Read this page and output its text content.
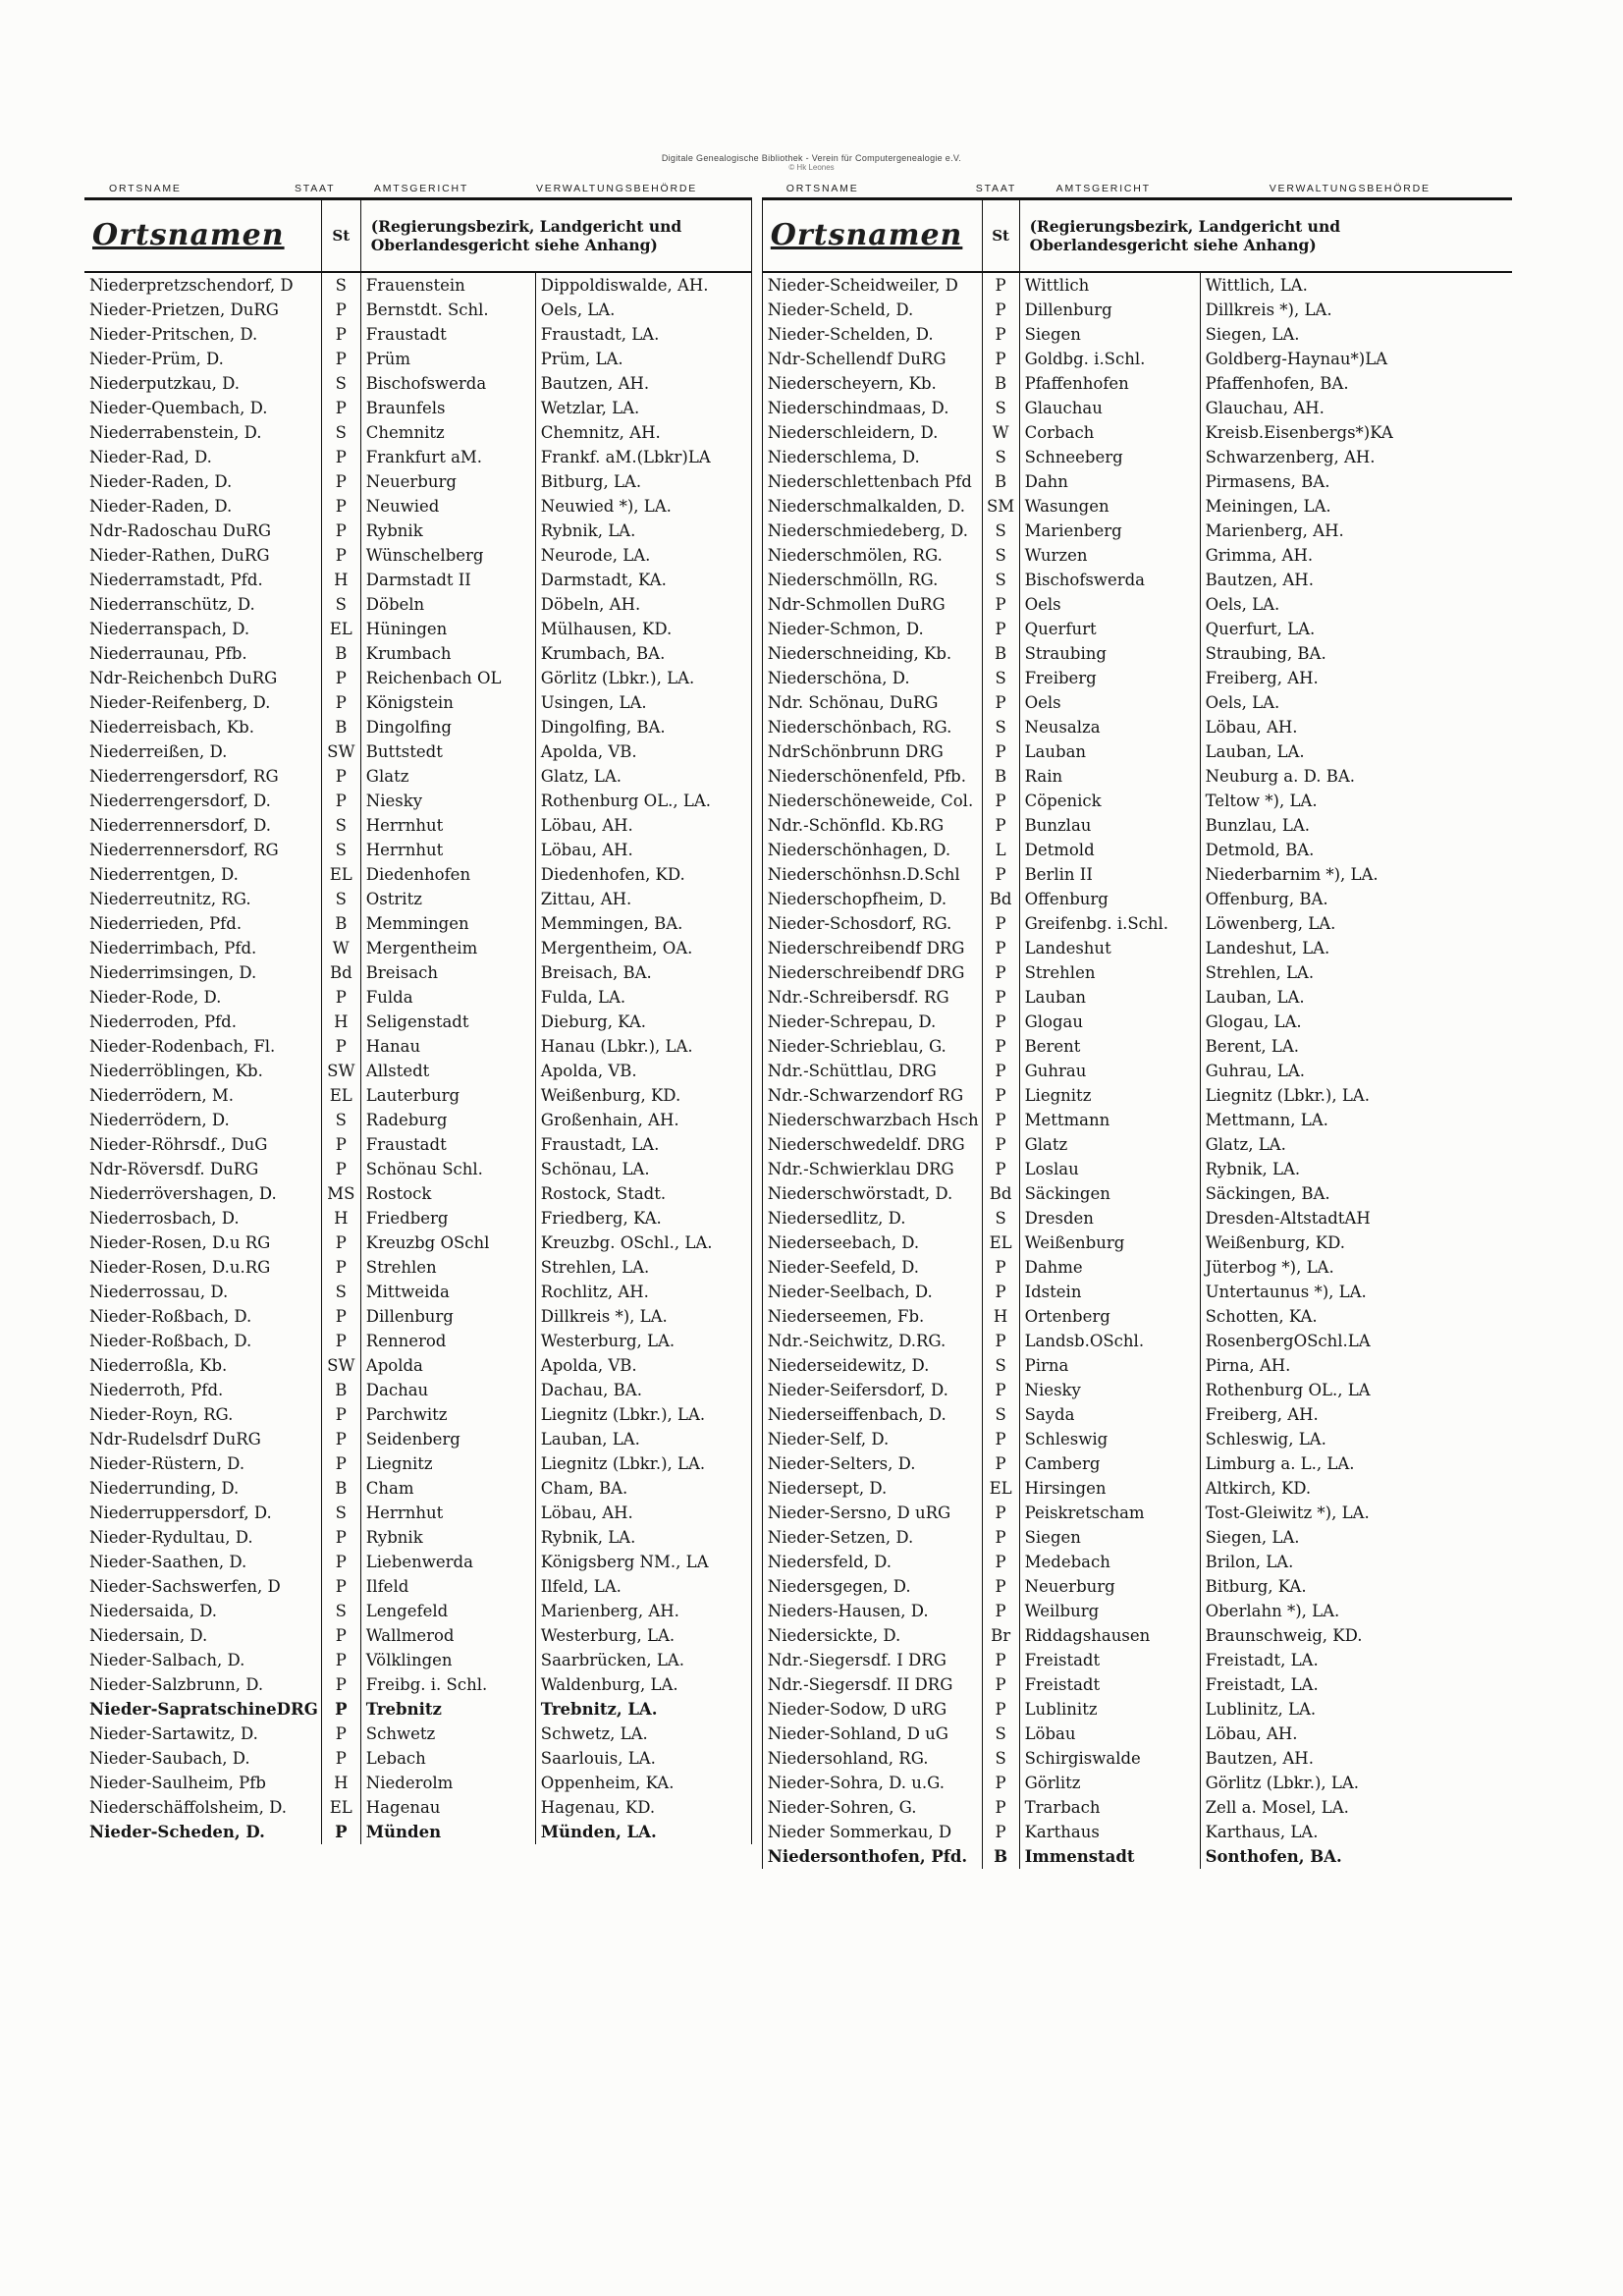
Digitale Genealogische Bibliothek - Verein für Computergenealogie e.V.
© Hk Leones
ORTSNAME	STAAT	AMTSGERICHT	VERWALTUNGSBEHÖRDE
Ortsnamen	St	(Regierungsbezirk, Landgericht und
Oberlandesgericht siehe Anhang)	
Niederpretzschendorf, D	S	Frauenstein	Dippoldiswalde, AH.
Nieder-Prietzen, DuRG	P	Bernstdt. Schl.	Oels, LA.
Nieder-Pritschen, D.	P	Fraustadt	Fraustadt, LA.
Nieder-Prüm, D.	P	Prüm	Prüm, LA.
Niederputzkau, D.	S	Bischofswerda	Bautzen, AH.
Nieder-Quembach, D.	P	Braunfels	Wetzlar, LA.
Niederrabenstein, D.	S	Chemnitz	Chemnitz, AH.
Nieder-Rad, D.	P	Frankfurt aM.	Frankf. aM.(Lbkr)LA
Nieder-Raden, D.	P	Neuerburg	Bitburg, LA.
Nieder-Raden, D.	P	Neuwied	Neuwied *), LA.
Ndr-Radoschau DuRG	P	Rybnik	Rybnik, LA.
Nieder-Rathen, DuRG	P	Wünschelberg	Neurode, LA.
Niederramstadt, Pfd.	H	Darmstadt II	Darmstadt, KA.
Niederranschütz, D.	S	Döbeln	Döbeln, AH.
Niederranspach, D.	EL	Hüningen	Mülhausen, KD.
Niederraunau, Pfb.	B	Krumbach	Krumbach, BA.
Ndr-Reichenbch DuRG	P	Reichenbach OL	Görlitz (Lbkr.), LA.
Nieder-Reifenberg, D.	P	Königstein	Usingen, LA.
Niederreisbach, Kb.	B	Dingolfing	Dingolfing, BA.
Niederreißen, D.	SW	Buttstedt	Apolda, VB.
Niederrengersdorf, RG	P	Glatz	Glatz, LA.
Niederrengersdorf, D.	P	Niesky	Rothenburg OL., LA.
Niederrennersdorf, D.	S	Herrnhut	Löbau, AH.
Niederrennersdorf, RG	S	Herrnhut	Löbau, AH.
Niederrentgen, D.	EL	Diedenhofen	Diedenhofen, KD.
Niederreutnitz, RG.	S	Ostritz	Zittau, AH.
Niederrieden, Pfd.	B	Memmingen	Memmingen, BA.
Niederrimbach, Pfd.	W	Mergentheim	Mergentheim, OA.
Niederrimsingen, D.	Bd	Breisach	Breisach, BA.
Nieder-Rode, D.	P	Fulda	Fulda, LA.
Niederroden, Pfd.	H	Seligenstadt	Dieburg, KA.
Nieder-Rodenbach, Fl.	P	Hanau	Hanau (Lbkr.), LA.
Niederröblingen, Kb.	SW	Allstedt	Apolda, VB.
Niederrödern, M.	EL	Lauterburg	Weißenburg, KD.
Niederrödern, D.	S	Radeburg	Großenhain, AH.
Nieder-Röhrsdf., DuG	P	Fraustadt	Fraustadt, LA.
Ndr-Röversdf. DuRG	P	Schönau Schl.	Schönau, LA.
Niederrövershagen, D.	MS	Rostock	Rostock, Stadt.
Niederrosbach, D.	H	Friedberg	Friedberg, KA.
Nieder-Rosen, D.u RG	P	Kreuzbg OSchl	Kreuzbg. OSchl., LA.
Nieder-Rosen, D.u.RG	P	Strehlen	Strehlen, LA.
Niederrossau, D.	S	Mittweida	Rochlitz, AH.
Nieder-Roßbach, D.	P	Dillenburg	Dillkreis *), LA.
Nieder-Roßbach, D.	P	Rennerod	Westerburg, LA.
Niederroßla, Kb.	SW	Apolda	Apolda, VB.
Niederroth, Pfd.	B	Dachau	Dachau, BA.
Nieder-Royn, RG.	P	Parchwitz	Liegnitz (Lbkr.), LA.
Ndr-Rudelsdrf DuRG	P	Seidenberg	Lauban, LA.
Nieder-Rüstern, D.	P	Liegnitz	Liegnitz (Lbkr.), LA.
Niederrunding, D.	B	Cham	Cham, BA.
Niederruppersdorf, D.	S	Herrnhut	Löbau, AH.
Nieder-Rydultau, D.	P	Rybnik	Rybnik, LA.
Nieder-Saathen, D.	P	Liebenwerda	Königsberg NM., LA
Nieder-Sachswerfen, D	P	Ilfeld	Ilfeld, LA.
Niedersaida, D.	S	Lengefeld	Marienberg, AH.
Niedersain, D.	P	Wallmerod	Westerburg, LA.
Nieder-Salbach, D.	P	Völklingen	Saarbrücken, LA.
Nieder-Salzbrunn, D.	P	Freibg. i. Schl.	Waldenburg, LA.
Nieder-SapratschineDRG	P	Trebnitz	Trebnitz, LA.
Nieder-Sartawitz, D.	P	Schwetz	Schwetz, LA.
Nieder-Saubach, D.	P	Lebach	Saarlouis, LA.
Nieder-Saulheim, Pfb	H	Niederolm	Oppenheim, KA.
Niederschäffolsheim, D.	EL	Hagenau	Hagenau, KD.
Nieder-Scheden, D.	P	Münden	Münden, LA.
ORTSNAME	STAAT	AMTSGERICHT	VERWALTUNGSBEHÖRDE
Ortsnamen	St	(Regierungsbezirk, Landgericht und
Oberlandesgericht siehe Anhang)	
Nieder-Scheidweiler, D	P	Wittlich	Wittlich, LA.
Nieder-Scheld, D.	P	Dillenburg	Dillkreis *), LA.
Nieder-Schelden, D.	P	Siegen	Siegen, LA.
Ndr-Schellendf DuRG	P	Goldbg. i.Schl.	Goldberg-Haynau*)LA
Niederscheyern, Kb.	B	Pfaffenhofen	Pfaffenhofen, BA.
Niederschindmaas, D.	S	Glauchau	Glauchau, AH.
Niederschleidern, D.	W	Corbach	Kreisb.Eisenbergs*)KA
Niederschlema, D.	S	Schneeberg	Schwarzenberg, AH.
Niederschlettenbach Pfd	B	Dahn	Pirmasens, BA.
Niederschmalkalden, D.	SM	Wasungen	Meiningen, LA.
Niederschmiedeberg, D.	S	Marienberg	Marienberg, AH.
Niederschmölen, RG.	S	Wurzen	Grimma, AH.
Niederschmölln, RG.	S	Bischofswerda	Bautzen, AH.
Ndr-Schmollen DuRG	P	Oels	Oels, LA.
Nieder-Schmon, D.	P	Querfurt	Querfurt, LA.
Niederschneiding, Kb.	B	Straubing	Straubing, BA.
Niederschöna, D.	S	Freiberg	Freiberg, AH.
Ndr. Schönau, DuRG	P	Oels	Oels, LA.
Niederschönbach, RG.	S	Neusalza	Löbau, AH.
NdrSchönbrunn DRG	P	Lauban	Lauban, LA.
Niederschönenfeld, Pfb.	B	Rain	Neuburg a. D. BA.
Niederschöneweide, Col.	P	Cöpenick	Teltow *), LA.
Ndr.-Schönfld. Kb.RG	P	Bunzlau	Bunzlau, LA.
Niederschönhagen, D.	L	Detmold	Detmold, BA.
Niederschönhsn.D.Schl	P	Berlin II	Niederbarnim *), LA.
Niederschopfheim, D.	Bd	Offenburg	Offenburg, BA.
Nieder-Schosdorf, RG.	P	Greifenbg. i.Schl.	Löwenberg, LA.
Niederschreibendf DRG	P	Landeshut	Landeshut, LA.
Niederschreibendf DRG	P	Strehlen	Strehlen, LA.
Ndr.-Schreibersdf. RG	P	Lauban	Lauban, LA.
Nieder-Schrepau, D.	P	Glogau	Glogau, LA.
Nieder-Schrieblau, G.	P	Berent	Berent, LA.
Ndr.-Schüttlau, DRG	P	Guhrau	Guhrau, LA.
Ndr.-Schwarzendorf RG	P	Liegnitz	Liegnitz (Lbkr.), LA.
Niederschwarzbach Hsch	P	Mettmann	Mettmann, LA.
Niederschwedeldf. DRG	P	Glatz	Glatz, LA.
Ndr.-Schwierklau DRG	P	Loslau	Rybnik, LA.
Niederschwörstadt, D.	Bd	Säckingen	Säckingen, BA.
Niedersedlitz, D.	S	Dresden	Dresden-AltstadtAH
Niederseebach, D.	EL	Weißenburg	Weißenburg, KD.
Nieder-Seefeld, D.	P	Dahme	Jüterbog *), LA.
Nieder-Seelbach, D.	P	Idstein	Untertaunus *), LA.
Niederseemen, Fb.	H	Ortenberg	Schotten, KA.
Ndr.-Seichwitz, D.RG.	P	Landsb.OSchl.	RosenbergOSchl.LA
Niederseidewitz, D.	S	Pirna	Pirna, AH.
Nieder-Seifersdorf, D.	P	Niesky	Rothenburg OL., LA
Niederseiffenbach, D.	S	Sayda	Freiberg, AH.
Nieder-Self, D.	P	Schleswig	Schleswig, LA.
Nieder-Selters, D.	P	Camberg	Limburg a. L., LA.
Niedersept, D.	EL	Hirsingen	Altkirch, KD.
Nieder-Sersno, D uRG	P	Peiskretscham	Tost-Gleiwitz *), LA.
Nieder-Setzen, D.	P	Siegen	Siegen, LA.
Niedersfeld, D.	P	Medebach	Brilon, LA.
Niedersgegen, D.	P	Neuerburg	Bitburg, KA.
Nieders-Hausen, D.	P	Weilburg	Oberlahn *), LA.
Niedersickte, D.	Br	Riddagshausen	Braunschweig, KD.
Ndr.-Siegersdf. I DRG	P	Freistadt	Freistadt, LA.
Ndr.-Siegersdf. II DRG	P	Freistadt	Freistadt, LA.
Nieder-Sodow, D uRG	P	Lublinitz	Lublinitz, LA.
Nieder-Sohland, D uG	S	Löbau	Löbau, AH.
Niedersohland, RG.	S	Schirgiswalde	Bautzen, AH.
Nieder-Sohra, D. u.G.	P	Görlitz	Görlitz (Lbkr.), LA.
Nieder-Sohren, G.	P	Trarbach	Zell a. Mosel, LA.
Nieder Sommerkau, D	P	Karthaus	Karthaus, LA.
Niedersonthofen, Pfd.	B	Immenstadt	Sonthofen, BA.
